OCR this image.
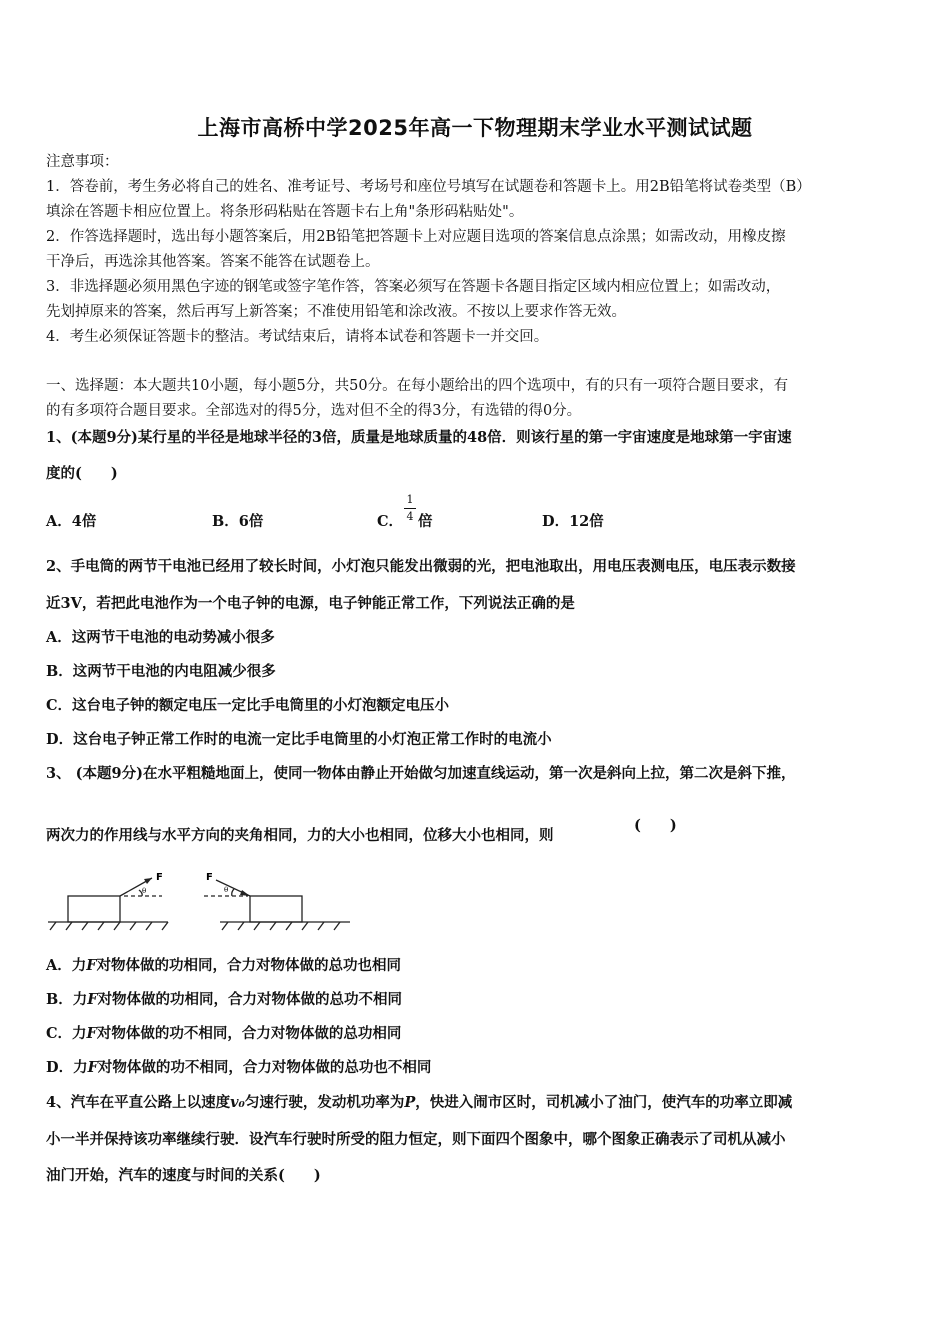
上海市高桥中学2025年高一下物理期末学业水平测试试题
注意事项：
1．答卷前，考生务必将自己的姓名、准考证号、考场号和座位号填写在试题卷和答题卡上。用2B铅笔将试卷类型（B）
填涂在答题卡相应位置上。将条形码粘贴在答题卡右上角"条形码粘贴处"。
2．作答选择题时，选出每小题答案后，用2B铅笔把答题卡上对应题目选项的答案信息点涂黑；如需改动，用橡皮擦
干净后，再选涂其他答案。答案不能答在试题卷上。
3．非选择题必须用黑色字迹的钢笔或签字笔作答，答案必须写在答题卡各题目指定区域内相应位置上；如需改动，
先划掉原来的答案，然后再写上新答案；不准使用铅笔和涂改液。不按以上要求作答无效。
4．考生必须保证答题卡的整洁。考试结束后，请将本试卷和答题卡一并交回。
一、选择题：本大题共10小题，每小题5分，共50分。在每小题给出的四个选项中，有的只有一项符合题目要求，有
的有多项符合题目要求。全部选对的得5分，选对但不全的得3分，有选错的得0分。
1、(本题9分)某行星的半径是地球半径的3倍，质量是地球质量的48倍．则该行星的第一宇宙速度是地球第一宇宙速
度的(　　)
A．4倍	B．6倍	C． 倍	D．12倍
1
4
2、手电筒的两节干电池已经用了较长时间，小灯泡只能发出微弱的光，把电池取出，用电压表测电压，电压表示数接
近3V，若把此电池作为一个电子钟的电源，电子钟能正常工作，下列说法正确的是
A．这两节干电池的电动势减小很多
B．这两节干电池的内电阻减少很多
C．这台电子钟的额定电压一定比手电筒里的小灯泡额定电压小
D．这台电子钟正常工作时的电流一定比手电筒里的小灯泡正常工作时的电流小
3、 (本题9分)在水平粗糙地面上，使同一物体由静止开始做匀加速直线运动，第一次是斜向上拉，第二次是斜下推，
两次力的作用线与水平方向的夹角相同，力的大小也相同，位移大小也相同，则
(　　)
F
θ
F
θ
A．力F对物体做的功相同，合力对物体做的总功也相同
B．力F对物体做的功相同，合力对物体做的总功不相同
C．力F对物体做的功不相同，合力对物体做的总功相同
D．力F对物体做的功不相同，合力对物体做的总功也不相同
4、汽车在平直公路上以速度v₀匀速行驶，发动机功率为P，快进入闹市区时，司机减小了油门，使汽车的功率立即减
小一半并保持该功率继续行驶．设汽车行驶时所受的阻力恒定，则下面四个图象中，哪个图象正确表示了司机从减小
油门开始，汽车的速度与时间的关系(　　)
